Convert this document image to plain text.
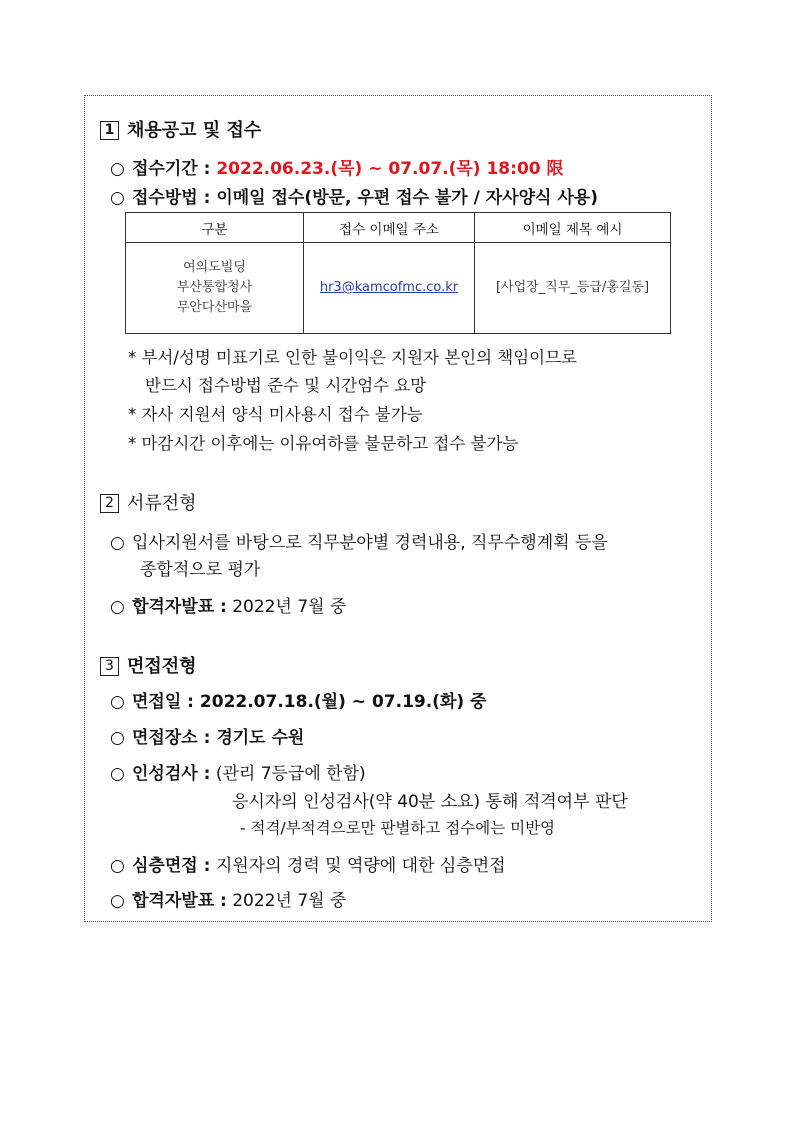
1 채용공고 및 접수
○ 접수기간 : 2022.06.23.(목) ~ 07.07.(목) 18:00 限
○ 접수방법 : 이메일 접수(방문, 우편 접수 불가 / 자사양식 사용)
구분	접수 이메일 주소	이메일 제목 예시

여의도빌딩
부산통합청사
무안다산마을	hr3@kamcofmc.co.kr	[사업장_직무_등급/홍길동]
* 부서/성명 미표기로 인한 불이익은 지원자 본인의 책임이므로
반드시 접수방법 준수 및 시간엄수 요망
* 자사 지원서 양식 미사용시 접수 불가능
* 마감시간 이후에는 이유여하를 불문하고 접수 불가능
2 서류전형
○ 입사지원서를 바탕으로 직무분야별 경력내용, 직무수행계획 등을
종합적으로 평가
○ 합격자발표 : 2022년 7월 중
3 면접전형
○ 면접일 : 2022.07.18.(월) ~ 07.19.(화) 중
○ 면접장소 : 경기도 수원
○ 인성검사 : (관리 7등급에 한함)
응시자의 인성검사(약 40분 소요) 통해 적격여부 판단
- 적격/부적격으로만 판별하고 점수에는 미반영
○ 심층면접 : 지원자의 경력 및 역량에 대한 심층면접
○ 합격자발표 : 2022년 7월 중
